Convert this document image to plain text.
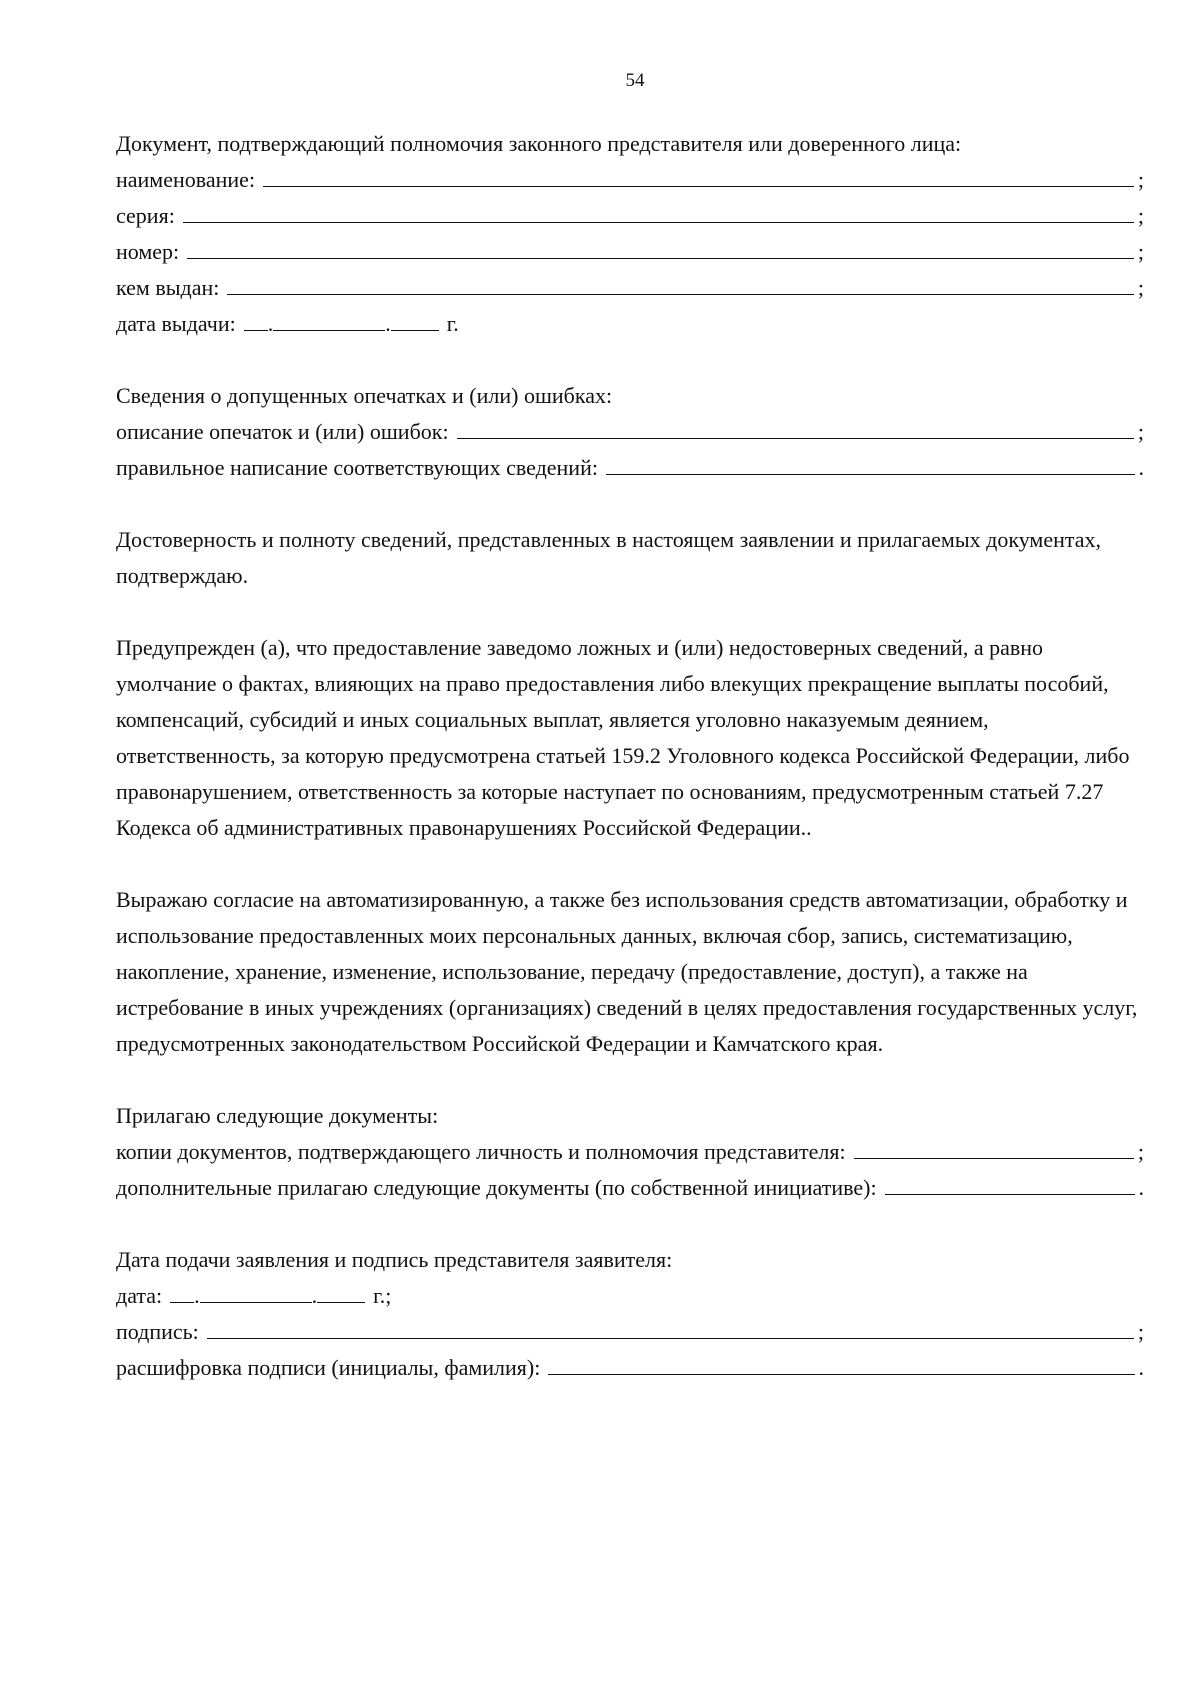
54
Документ, подтверждающий полномочия законного представителя или доверенного лица:
наименование:	;
серия:	;
номер:	;
кем выдан:	;
дата выдачи: .	.	г.
Сведения о допущенных опечатках и (или) ошибках:
описание опечаток и (или) ошибок:	;
правильное написание соответствующих сведений:	.

Достоверность и полноту сведений, представленных в настоящем заявлении и прилагаемых документах, подтверждаю.

Предупрежден (а), что предоставление заведомо ложных и (или) недостоверных сведений, а равно умолчание о фактах, влияющих на право предоставления либо влекущих прекращение выплаты пособий, компенсаций, субсидий и иных социальных выплат, является уголовно наказуемым деянием, ответственность, за которую предусмотрена статьей 159.2 Уголовного кодекса Российской Федерации, либо правонарушением, ответственность за которые наступает по основаниям, предусмотренным статьей 7.27 Кодекса об административных правонарушениях Российской Федерации..

Выражаю согласие на автоматизированную, а также без использования средств автоматизации, обработку и использование предоставленных моих персональных данных, включая сбор, запись, систематизацию, накопление, хранение, изменение, использование, передачу (предоставление, доступ), а также на истребование в иных учреждениях (организациях) сведений в целях предоставления государственных услуг, предусмотренных законодательством Российской Федерации и Камчатского края.

Прилагаю следующие документы:
копии документов, подтверждающего личность и полномочия представителя:	;
дополнительные прилагаю следующие документы (по собственной инициативе):	.
Дата подачи заявления и подпись представителя заявителя:
дата: .	.	г.;
подпись:	;
расшифровка подписи (инициалы, фамилия):	.
